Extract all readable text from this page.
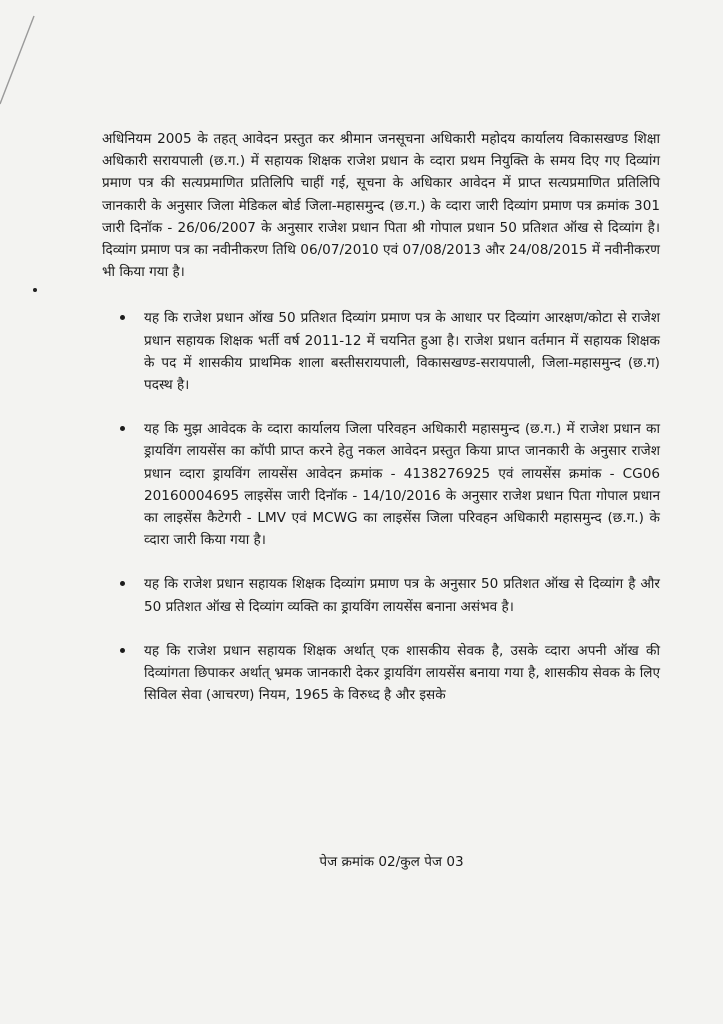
अधिनियम 2005 के तहत् आवेदन प्रस्तुत कर श्रीमान जनसूचना अधिकारी महोदय कार्यालय विकासखण्ड शिक्षा अधिकारी सरायपाली (छ.ग.) में सहायक शिक्षक राजेश प्रधान के व्दारा प्रथम नियुक्ति के समय दिए गए दिव्यांग प्रमाण पत्र की सत्यप्रमाणित प्रतिलिपि चाहीं गई, सूचना के अधिकार आवेदन में प्राप्त सत्यप्रमाणित प्रतिलिपि जानकारी के अनुसार जिला मेडिकल बोर्ड जिला-महासमुन्द (छ.ग.) के व्दारा जारी दिव्यांग प्रमाण पत्र क्रमांक 301 जारी दिनॉक - 26/06/2007 के अनुसार राजेश प्रधान पिता श्री गोपाल प्रधान 50 प्रतिशत ऑख से दिव्यांग है। दिव्यांग प्रमाण पत्र का नवीनीकरण तिथि 06/07/2010 एवं 07/08/2013 और 24/08/2015 में नवीनीकरण भी किया गया है।

यह कि राजेश प्रधान ऑख 50 प्रतिशत दिव्यांग प्रमाण पत्र के आधार पर दिव्यांग आरक्षण/कोटा से राजेश प्रधान सहायक शिक्षक भर्ती वर्ष 2011-12 में चयनित हुआ है। राजेश प्रधान वर्तमान में सहायक शिक्षक के पद में शासकीय प्राथमिक शाला बस्तीसरायपाली, विकासखण्ड-सरायपाली, जिला-महासमुन्द (छ.ग) पदस्थ है।

यह कि मुझ आवेदक के व्दारा कार्यालय जिला परिवहन अधिकारी महासमुन्द (छ.ग.) में राजेश प्रधान का ड्रायविंग लायसेंस का कॉपी प्राप्त करने हेतु नकल आवेदन प्रस्तुत किया प्राप्त जानकारी के अनुसार राजेश प्रधान व्दारा ड्रायविंग लायसेंस आवेदन क्रमांक - 4138276925 एवं लायसेंस क्रमांक - CG06 20160004695 लाइसेंस जारी दिनॉक - 14/10/2016 के अनुसार राजेश प्रधान पिता गोपाल प्रधान का लाइसेंस कैटेगरी - LMV एवं MCWG का लाइसेंस जिला परिवहन अधिकारी महासमुन्द (छ.ग.) के व्दारा जारी किया गया है।

यह कि राजेश प्रधान सहायक शिक्षक दिव्यांग प्रमाण पत्र के अनुसार 50 प्रतिशत ऑख से दिव्यांग है और 50 प्रतिशत ऑख से दिव्यांग व्यक्ति का ड्रायविंग लायसेंस बनाना असंभव है।

यह कि राजेश प्रधान सहायक शिक्षक अर्थात् एक शासकीय सेवक है, उसके व्दारा अपनी ऑख की दिव्यांगता छिपाकर अर्थात् भ्रमक जानकारी देकर ड्रायविंग लायसेंस बनाया गया है, शासकीय सेवक के लिए सिविल सेवा (आचरण) नियम, 1965 के विरुध्द है और इसके

पेज क्रमांक 02/कुल पेज 03
